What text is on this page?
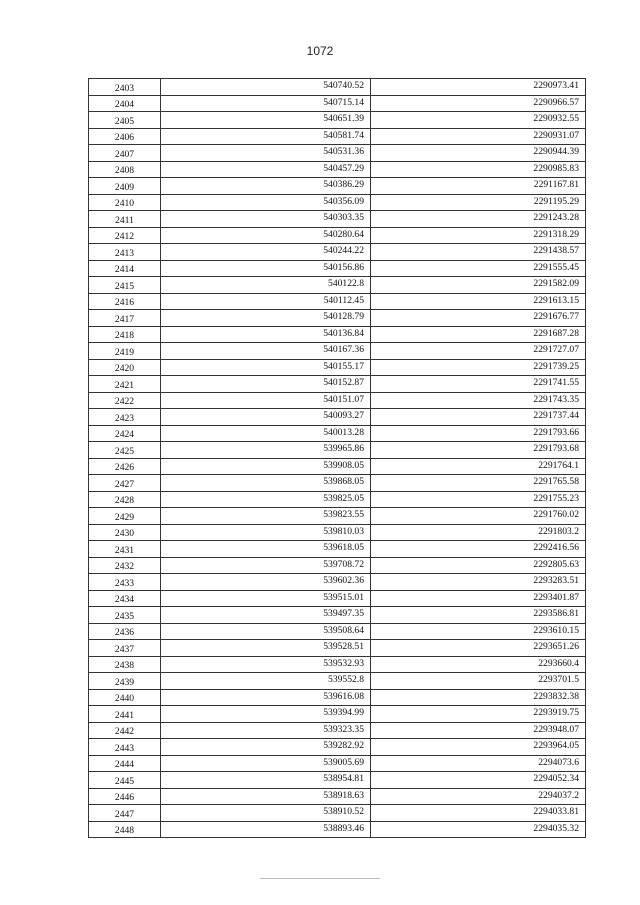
1072
2403	540740.52	2290973.41
2404	540715.14	2290966.57
2405	540651.39	2290932.55
2406	540581.74	2290931.07
2407	540531.36	2290944.39
2408	540457.29	2290985.83
2409	540386.29	2291167.81
2410	540356.09	2291195.29
2411	540303.35	2291243.28
2412	540280.64	2291318.29
2413	540244.22	2291438.57
2414	540156.86	2291555.45
2415	540122.8	2291582.09
2416	540112.45	2291613.15
2417	540128.79	2291676.77
2418	540136.84	2291687.28
2419	540167.36	2291727.07
2420	540155.17	2291739.25
2421	540152.87	2291741.55
2422	540151.07	2291743.35
2423	540093.27	2291737.44
2424	540013.28	2291793.66
2425	539965.86	2291793.68
2426	539908.05	2291764.1
2427	539868.05	2291765.58
2428	539825.05	2291755.23
2429	539823.55	2291760.02
2430	539810.03	2291803.2
2431	539618.05	2292416.56
2432	539708.72	2292805.63
2433	539602.36	2293283.51
2434	539515.01	2293401.87
2435	539497.35	2293586.81
2436	539508.64	2293610.15
2437	539528.51	2293651.26
2438	539532.93	2293660.4
2439	539552.8	2293701.5
2440	539616.08	2293832.38
2441	539394.99	2293919.75
2442	539323.35	2293948.07
2443	539282.92	2293964.05
2444	539005.69	2294073.6
2445	538954.81	2294052.34
2446	538918.63	2294037.2
2447	538910.52	2294033.81
2448	538893.46	2294035.32
